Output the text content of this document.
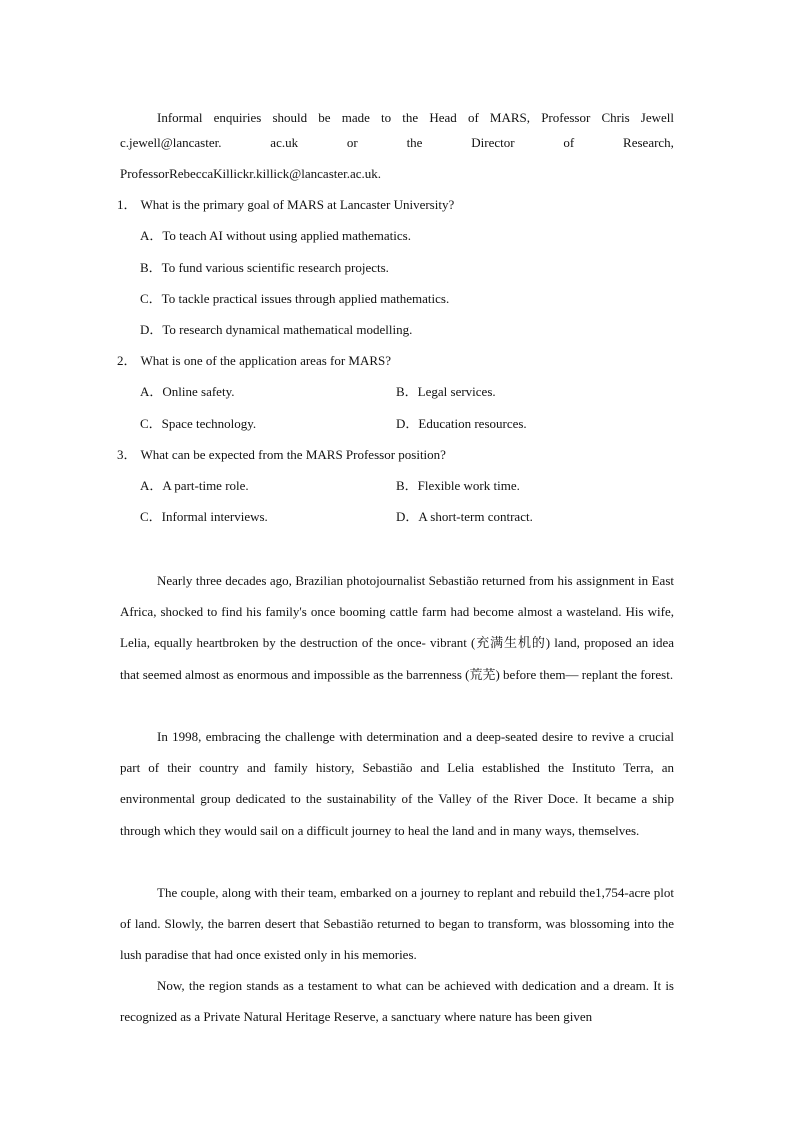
Informal enquiries should be made to the Head of MARS, Professor Chris Jewell
c.jewell@lancaster.	ac.uk	or	the	Director	of	Research,
ProfessorRebeccaKillickr.killick@lancaster.ac.uk.
1． What is the primary goal of MARS at Lancaster University?
A．To teach AI without using applied mathematics.
B．To fund various scientific research projects.
C．To tackle practical issues through applied mathematics.
D．To research dynamical mathematical modelling.
2． What is one of the application areas for MARS?
A．Online safety.	B．Legal services.
C．Space technology.	D．Education resources.
3． What can be expected from the MARS Professor position?
A．A part-time role.	B．Flexible work time.
C．Informal interviews.	D．A short-term contract.
Nearly three decades ago, Brazilian photojournalist Sebastião returned from his assignment in East Africa, shocked to find his family's once booming cattle farm had become almost a wasteland. His wife, Lelia, equally heartbroken by the destruction of the once- vibrant (充满生机的) land, proposed an idea that seemed almost as enormous and impossible as the barrenness (荒芜) before them— replant the forest.
In 1998, embracing the challenge with determination and a deep-seated desire to revive a crucial part of their country and family history, Sebastião and Lelia established the Instituto Terra, an environmental group dedicated to the sustainability of the Valley of the River Doce. It became a ship through which they would sail on a difficult journey to heal the land and in many ways, themselves.
The couple, along with their team, embarked on a journey to replant and rebuild the1,754-acre plot of land. Slowly, the barren desert that Sebastião returned to began to transform, was blossoming into the lush paradise that had once existed only in his memories.
Now, the region stands as a testament to what can be achieved with dedication and a dream. It is recognized as a Private Natural Heritage Reserve, a sanctuary where nature has been given
